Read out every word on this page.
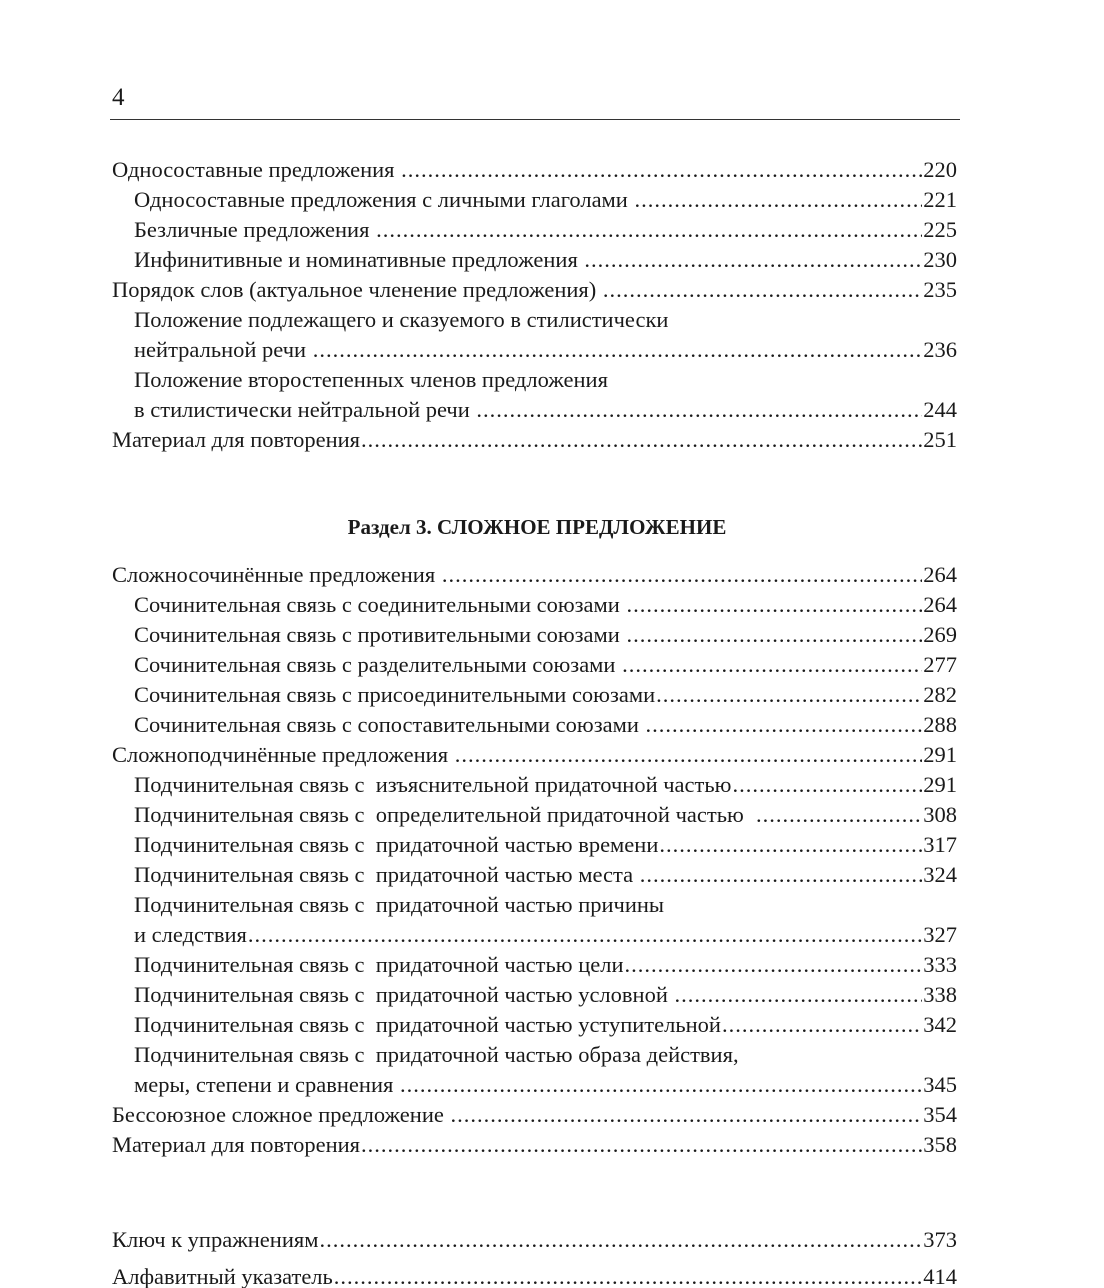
4
Односоставные предложения .....	220
Односоставные предложения с личными глаголами .....	221
Безличные предложения .....	225
Инфинитивные и номинативные предложения .....	230
Порядок слов (актуальное членение предложения) .....	235
Положение подлежащего и сказуемого в стилистически
нейтральной речи .....	236
Положение второстепенных членов предложения
в стилистически нейтральной речи .....	244
Материал для повторения .....	251
Раздел 3. СЛОЖНОЕ ПРЕДЛОЖЕНИЕ
Сложносочинённые предложения .....	264
Сочинительная связь с соединительными союзами .....	264
Сочинительная связь с противительными союзами .....	269
Сочинительная связь с разделительными союзами .....	277
Сочинительная связь с присоединительными союзами .....	282
Сочинительная связь с сопоставительными союзами .....	288
Сложноподчинённые предложения .....	291
Подчинительная связь с  изъяснительной придаточной частью .....	291
Подчинительная связь с  определительной придаточной частью .....	308
Подчинительная связь с  придаточной частью времени .....	317
Подчинительная связь с  придаточной частью места .....	324
Подчинительная связь с  придаточной частью причины
и следствия .....	327
Подчинительная связь с  придаточной частью цели .....	333
Подчинительная связь с  придаточной частью условной .....	338
Подчинительная связь с  придаточной частью уступительной .....	342
Подчинительная связь с  придаточной частью образа действия,
меры, степени и сравнения .....	345
Бессоюзное сложное предложение .....	354
Материал для повторения .....	358
Ключ к упражнениям .....	373
Алфавитный указатель .....	414
